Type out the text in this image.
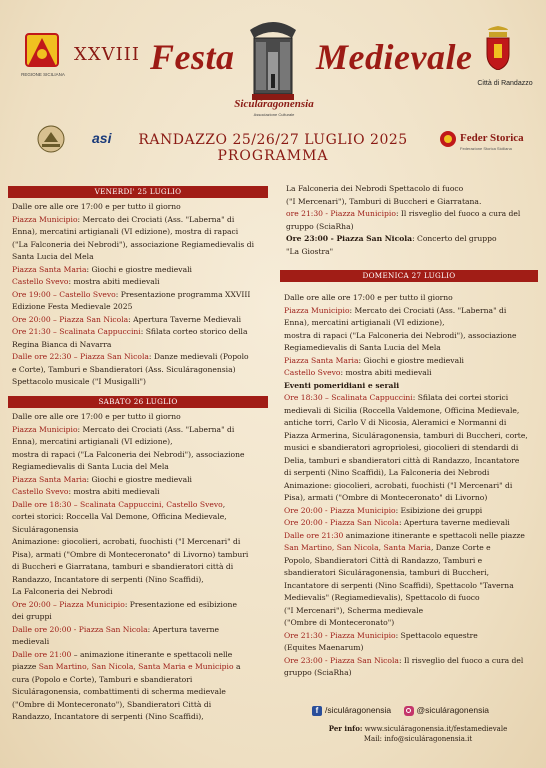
REGIONE SICILIANA
XXVIII Festa
Siculáragonensia
Associazione Culturale
Medievale
Città di Randazzo
asi	Feder Storica
Federazione Storica Siciliana
RANDAZZO 25/26/27 LUGLIO 2025
PROGRAMMA
VENERDI' 25 LUGLIO

Dalle ore alle ore 17:00 e per tutto il giorno

Piazza Municipio: Mercato dei Crociati (Ass. "Laberna" di

Enna), mercatini artigianali (VI edizione), mostra di rapaci

("La Falconeria dei Nebrodi"), associazione Regiamedievalis di

Santa Lucia del Mela

Piazza Santa Maria: Giochi e giostre medievali

Castello Svevo: mostra abiti medievali

Ore 19:00 – Castello Svevo: Presentazione programma XXVIII

Edizione Festa Medievale 2025

Ore 20:00 – Piazza San Nicola: Apertura Taverne Medievali

Ore 21:30 – Scalinata Cappuccini: Sfilata corteo storico della

Regina Bianca di Navarra

Dalle ore 22:30 – Piazza San Nicola: Danze medievali (Popolo

e Corte), Tamburi e Sbandieratori (Ass. Siculáragonensia)

Spettacolo musicale ("I Musigalli")

SABATO 26 LUGLIO

Dalle ore alle ore 17:00 e per tutto il giorno

Piazza Municipio: Mercato dei Crociati (Ass. "Laberna" di

Enna), mercatini artigianali (VI edizione),

mostra di rapaci ("La Falconeria dei Nebrodi"), associazione

Regiamedievalis di Santa Lucia del Mela

Piazza Santa Maria: Giochi e giostre medievali

Castello Svevo: mostra abiti medievali

Dalle ore 18:30 – Scalinata Cappuccini, Castello Svevo,

cortei storici: Roccella Val Demone, Officina Medievale,

Siculáragonensia

Animazione: giocolieri, acrobati, fuochisti ("I Mercenari" di

Pisa), armati ("Ombre di Monteceronato" di Livorno) tamburi

di Buccheri e Giarratana, tamburi e sbandieratori città di

Randazzo, Incantatore di serpenti (Nino Scaffidi),

La Falconeria dei Nebrodi

Ore 20:00 – Piazza Municipio: Presentazione ed esibizione

dei gruppi

Dalle ore 20:00 - Piazza San Nicola: Apertura taverne

medievali

Dalle ore 21:00 – animazione itinerante e spettacoli nelle

piazze San Martino, San Nicola, Santa Maria e Municipio a

cura (Popolo e Corte), Tamburi e sbandieratori

Siculáragonensia, combattimenti di scherma medievale

("Ombre di Monteceronato"), Sbandieratori Città di

Randazzo, Incantatore di serpenti (Nino Scaffidi),

La Falconeria dei Nebrodi Spettacolo di fuoco

("I Mercenari"), Tamburi di Buccheri e Giarratana.

ore 21:30 - Piazza Municipio: Il risveglio del fuoco a cura del

gruppo (SciaRha)

Ore 23:00 - Piazza San Nicola: Concerto del gruppo

"La Giostra"

DOMENICA 27 LUGLIO

Dalle ore alle ore 17:00 e per tutto il giorno

Piazza Municipio: Mercato dei Crociati (Ass. "Laberna" di

Enna), mercatini artigianali (VI edizione),

mostra di rapaci ("La Falconeria dei Nebrodi"), associazione

Regiamedievalis di Santa Lucia del Mela

Piazza Santa Maria: Giochi e giostre medievali

Castello Svevo: mostra abiti medievali

Eventi pomeridiani e serali

Ore 18:30 – Scalinata Cappuccini: Sfilata dei cortei storici

medievali di Sicilia (Roccella Valdemone, Officina Medievale,

antiche torri, Carlo V di Nicosia, Aleramici e Normanni di

Piazza Armerina, Siculáragonensia, tamburi di Buccheri, corte,

musici e sbandieratori agropriolesi, giocolieri di stendardi di

Delia, tamburi e sbandieratori città di Randazzo, Incantatore

di serpenti (Nino Scaffidi), La Falconeria dei Nebrodi

Animazione: giocolieri, acrobati, fuochisti ("I Mercenari" di

Pisa), armati ("Ombre di Monteceronato" di Livorno)

Ore 20:00 - Piazza Municipio: Esibizione dei gruppi

Ore 20:00 - Piazza San Nicola: Apertura taverne medievali

Dalle ore 21:30 animazione itinerante e spettacoli nelle piazze

San Martino, San Nicola, Santa Maria, Danze Corte e

Popolo, Sbandieratori Città di Randazzo, Tamburi e

sbandieratori Siculáragonensia, tamburi di Buccheri,

Incantatore di serpenti (Nino Scaffidi), Spettacolo "Taverna

Medievalis" (Regiamedievalis), Spettacolo di fuoco

("I Mercenari"), Scherma medievale

("Ombre di Monteceronato")

Ore 21:30 - Piazza Municipio: Spettacolo equestre

(Equites Maenarum)

Ore 23:00 - Piazza San Nicola: Il risveglio del fuoco a cura del

gruppo (SciaRha)

f /siculáragonensia	@siculáragonensia
Per info: www.siculáragonensia.it/festamedievale
Mail: info@siculáragonensia.it
